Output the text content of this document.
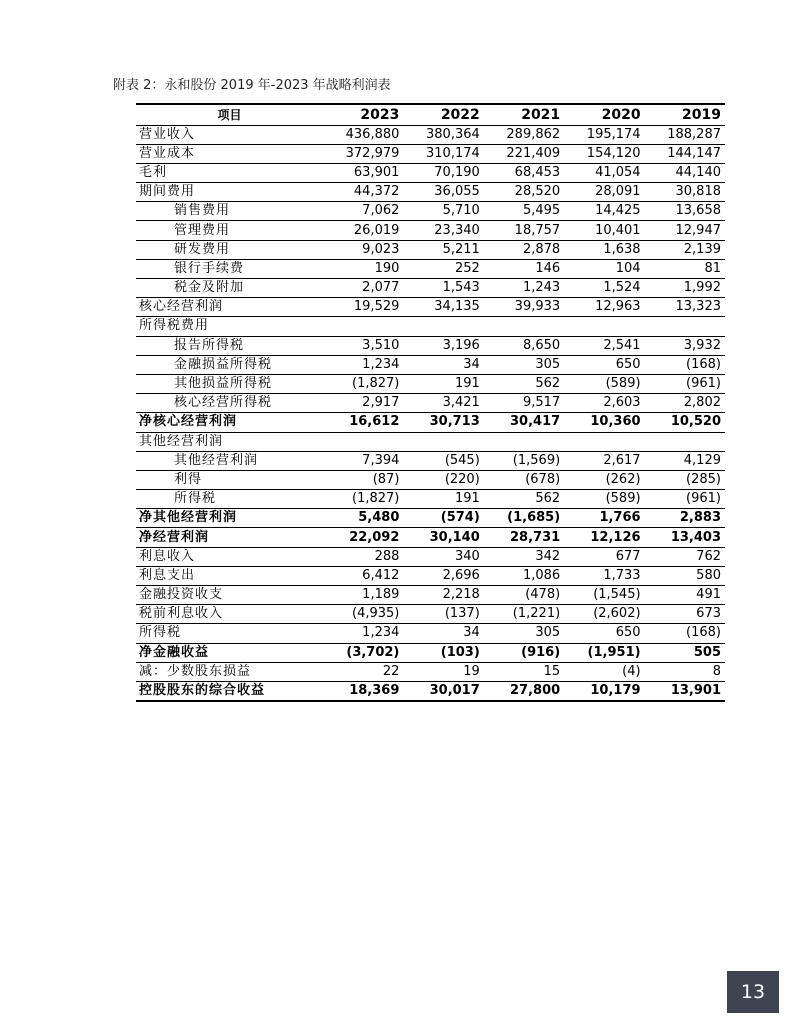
附表 2：永和股份 2019 年-2023 年战略利润表
项目	2023	2022	2021	2020	2019
营业收入	436,880	380,364	289,862	195,174	188,287
营业成本	372,979	310,174	221,409	154,120	144,147
毛利	63,901	70,190	68,453	41,054	44,140
期间费用	44,372	36,055	28,520	28,091	30,818
销售费用	7,062	5,710	5,495	14,425	13,658
管理费用	26,019	23,340	18,757	10,401	12,947
研发费用	9,023	5,211	2,878	1,638	2,139
银行手续费	190	252	146	104	81
税金及附加	2,077	1,543	1,243	1,524	1,992
核心经营利润	19,529	34,135	39,933	12,963	13,323
所得税费用					
报告所得税	3,510	3,196	8,650	2,541	3,932
金融损益所得税	1,234	34	305	650	(168)
其他损益所得税	(1,827)	191	562	(589)	(961)
核心经营所得税	2,917	3,421	9,517	2,603	2,802
净核心经营利润	16,612	30,713	30,417	10,360	10,520
其他经营利润					
其他经营利润	7,394	(545)	(1,569)	2,617	4,129
利得	(87)	(220)	(678)	(262)	(285)
所得税	(1,827)	191	562	(589)	(961)
净其他经营利润	5,480	(574)	(1,685)	1,766	2,883
净经营利润	22,092	30,140	28,731	12,126	13,403
利息收入	288	340	342	677	762
利息支出	6,412	2,696	1,086	1,733	580
金融投资收支	1,189	2,218	(478)	(1,545)	491
税前利息收入	(4,935)	(137)	(1,221)	(2,602)	673
所得税	1,234	34	305	650	(168)
净金融收益	(3,702)	(103)	(916)	(1,951)	505
减：少数股东损益	22	19	15	(4)	8
控股股东的综合收益	18,369	30,017	27,800	10,179	13,901
13
